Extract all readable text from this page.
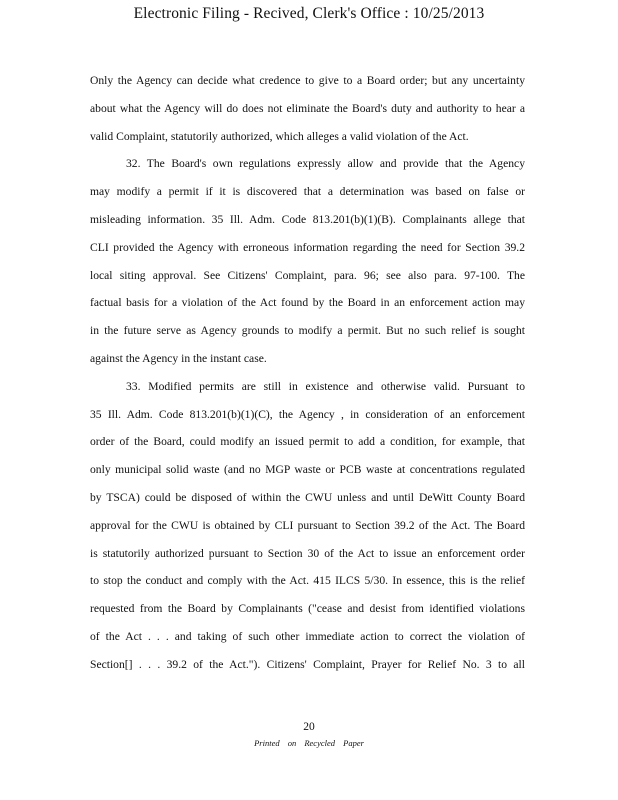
Electronic Filing - Recived, Clerk's Office : 10/25/2013
Only the Agency can decide what credence to give to a Board order; but any uncertainty
about what the Agency will do does not eliminate the Board's duty and authority to hear a
valid Complaint, statutorily authorized, which alleges a valid violation of the Act.
32. The Board's own regulations expressly allow and provide that the Agency
may modify a permit if it is discovered that a determination was based on false or
misleading information. 35 Ill. Adm. Code 813.201(b)(1)(B). Complainants allege that
CLI provided the Agency with erroneous information regarding the need for Section 39.2
local siting approval. See Citizens' Complaint, para. 96; see also para. 97-100. The
factual basis for a violation of the Act found by the Board in an enforcement action may
in the future serve as Agency grounds to modify a permit. But no such relief is sought
against the Agency in the instant case.
33. Modified permits are still in existence and otherwise valid. Pursuant to
35 Ill. Adm. Code 813.201(b)(1)(C), the Agency , in consideration of an enforcement
order of the Board, could modify an issued permit to add a condition, for example, that
only municipal solid waste (and no MGP waste or PCB waste at concentrations regulated
by TSCA) could be disposed of within the CWU unless and until DeWitt County Board
approval for the CWU is obtained by CLI pursuant to Section 39.2 of the Act. The Board
is statutorily authorized pursuant to Section 30 of the Act to issue an enforcement order
to stop the conduct and comply with the Act. 415 ILCS 5/30. In essence, this is the relief
requested from the Board by Complainants ("cease and desist from identified violations
of the Act . . . and taking of such other immediate action to correct the violation of
Section[] . . . 39.2 of the Act."). Citizens' Complaint, Prayer for Relief No. 3 to all
20
Printed on Recycled Paper
